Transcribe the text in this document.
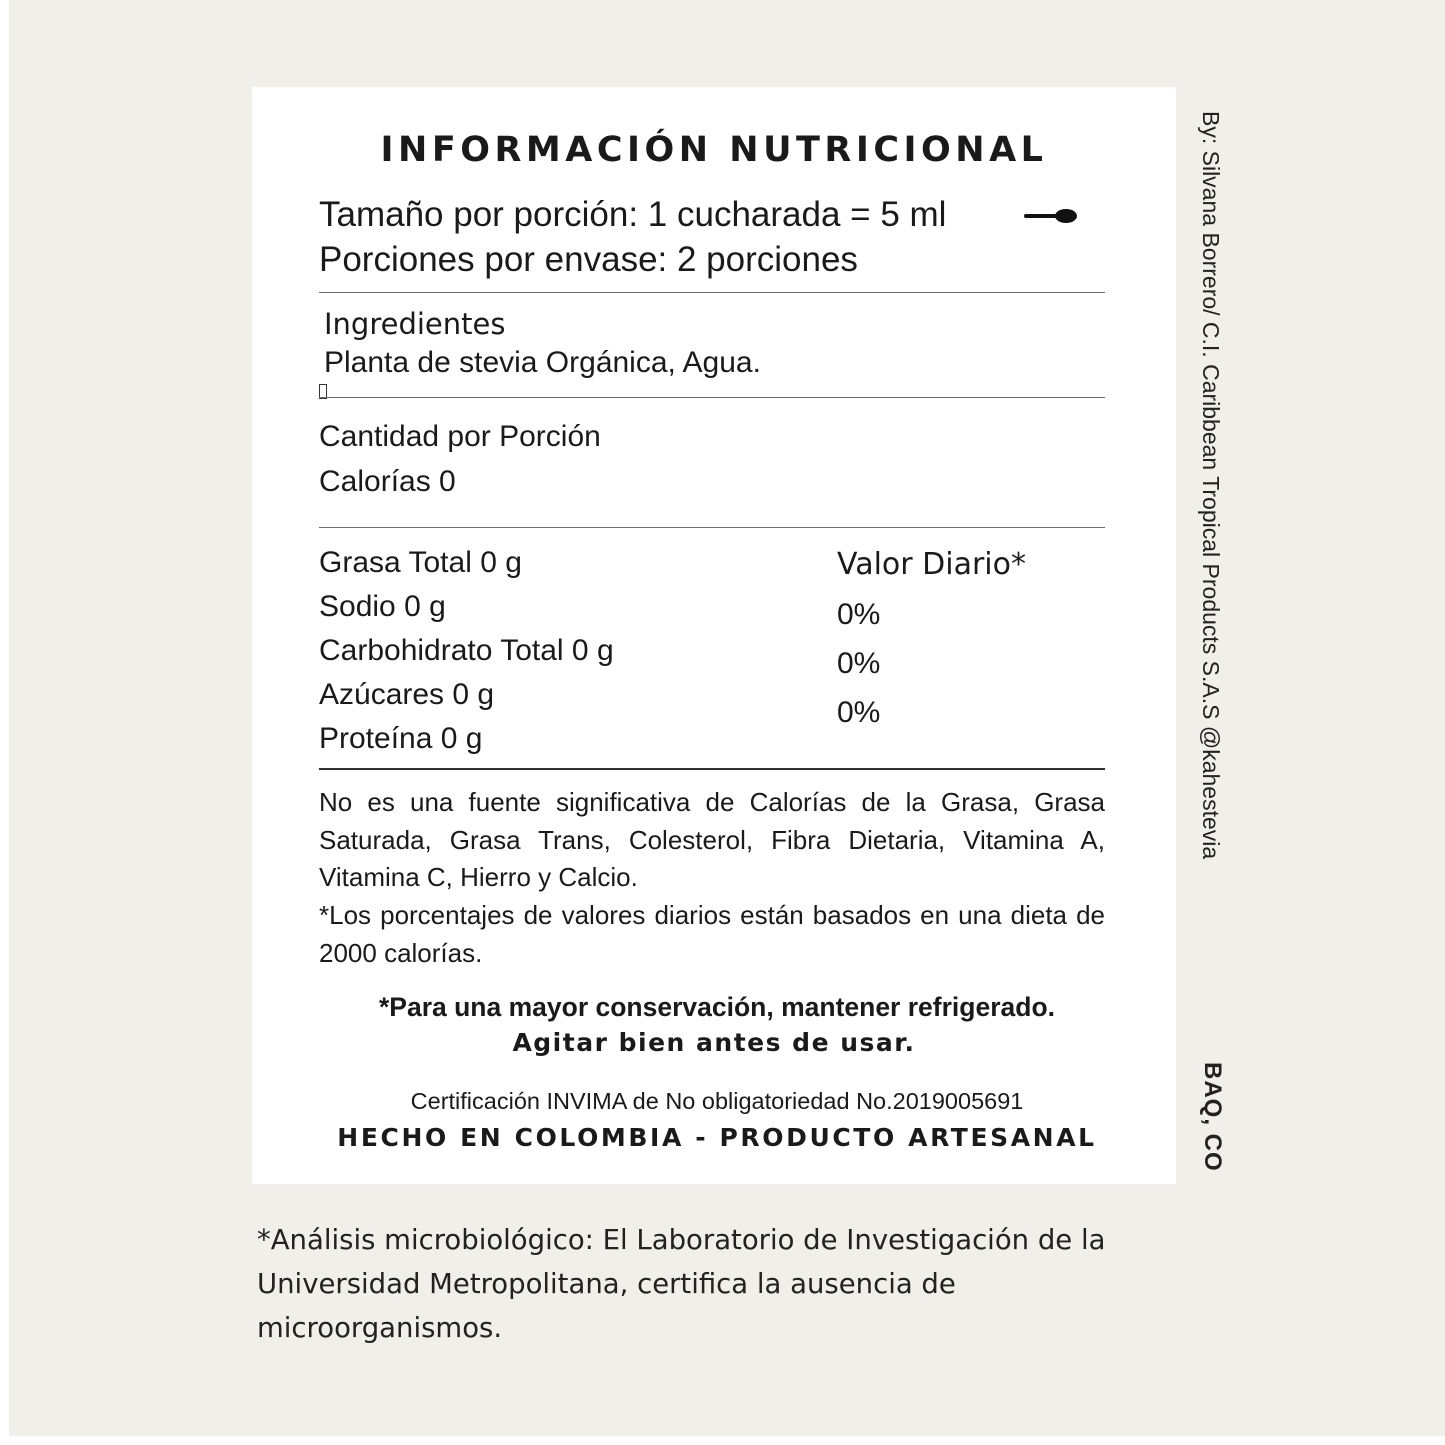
INFORMACIÓN NUTRICIONAL
Tamaño por porción: 1 cucharada = 5 ml
Porciones por envase: 2 porciones
Ingredientes
Planta de stevia Orgánica, Agua.
Cantidad por Porción
Calorías 0
Grasa Total 0 g
Sodio 0 g
Carbohidrato Total 0 g
Azúcares 0 g
Proteína 0 g
Valor Diario*
0%
0%
0%
No es una fuente significativa de Calorías de la Grasa, Grasa Saturada, Grasa Trans, Colesterol, Fibra Dietaria, Vitamina A, Vitamina C, Hierro y Calcio.
*Los porcentajes de valores diarios están basados en una dieta de 2000 calorías.
*Para una mayor conservación, mantener refrigerado.
Agitar bien antes de usar.
Certificación INVIMA de No obligatoriedad No.2019005691
HECHO EN COLOMBIA - PRODUCTO ARTESANAL
By: Silvana Borrero/ C.I. Caribbean Tropical Products S.A.S @kahestevia
BAQ, CO
*Análisis microbiológico: El Laboratorio de Investigación de la Universidad Metropolitana, certifica la ausencia de microorganismos.
